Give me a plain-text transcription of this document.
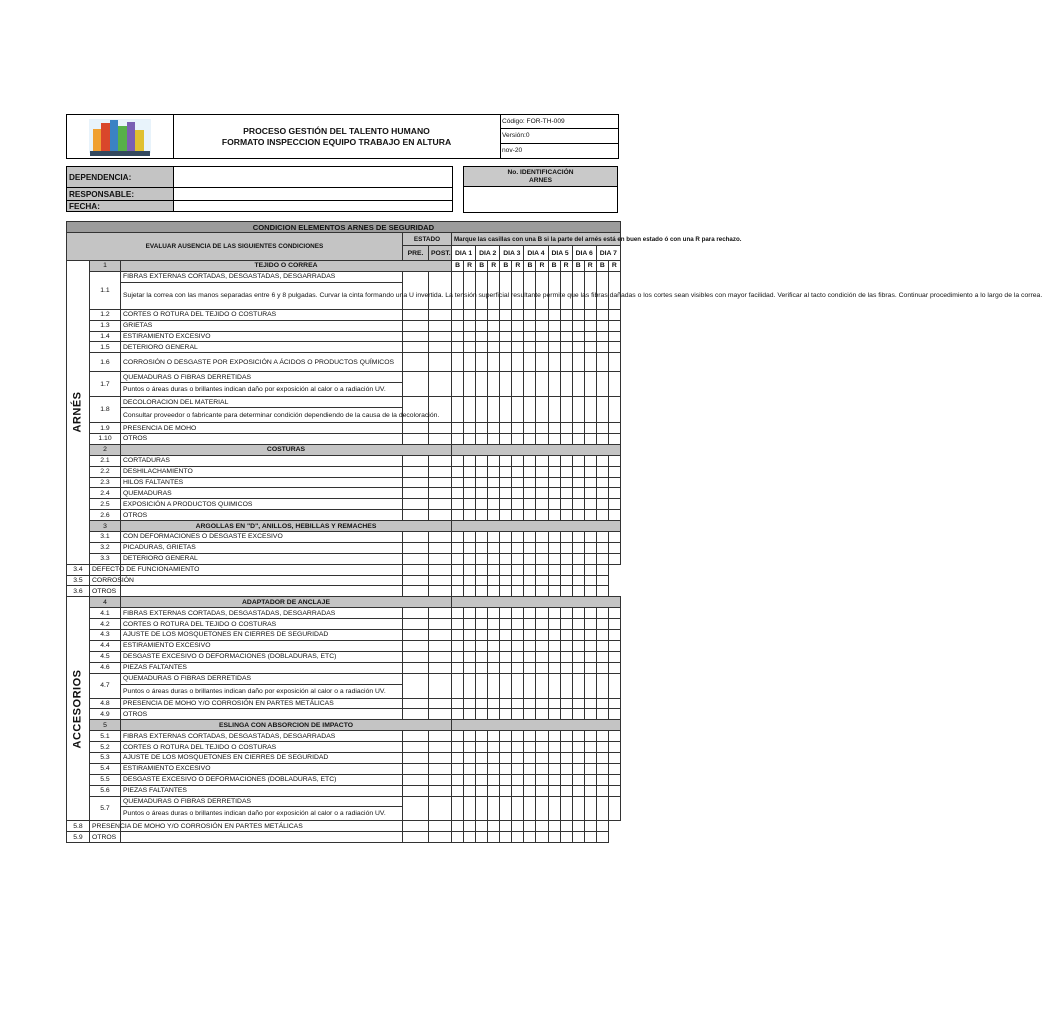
PROCESO GESTIÓN DEL TALENTO HUMANO
FORMATO INSPECCION EQUIPO TRABAJO EN ALTURA
Código: FOR-TH-009
Versión:0
nov-20
DEPENDENCIA:	
RESPONSABLE:	
FECHA:	
No. IDENTIFICACIÓN
ARNES
CONDICION ELEMENTOS ARNES DE SEGURIDAD																		
EVALUAR AUSENCIA DE LAS SIGUIENTES CONDICIONES			ESTADO		Marque las casillas con una B si la parte del arnés está en buen estado ó con una R para rechazo.													
			PRE.	POST.														
					DIA 1		DIA 2		DIA 3		DIA 4		DIA 5		DIA 6		DIA 7	

ARNÉS	1	TEJIDO O CORREA			B	R	B	R	B	R	B	R	B	R	B	R	B	R
	1.1	FIBRAS EXTERNAS CORTADAS, DESGASTADAS, DESGARRADAS																
		Sujetar la correa con las manos separadas entre 6 y 8 pulgadas. Curvar la cinta formando una U invertida. La tensión superficial resultante permite que las fibras dañadas o los cortes sean visibles con mayor facilidad. Verificar al tacto condición de las fibras. Continuar procedimiento a lo largo de la correa.																
	1.2	CORTES O ROTURA DEL TEJIDO O COSTURAS																
	1.3	GRIETAS																
	1.4	ESTIRAMIENTO EXCESIVO																
	1.5	DETERIORO GENERAL																
	1.6	CORROSIÓN O DESGASTE POR EXPOSICIÓN A ÁCIDOS O PRODUCTOS QUÍMICOS																
	1.7	QUEMADURAS O FIBRAS DERRETIDAS																
		Puntos o áreas duras o brillantes indican daño por exposición al calor o a radiación UV.																
	1.8	DECOLORACION DEL MATERIAL																
		Consultar proveedor o fabricante para determinar condición dependiendo de la causa de la decoloración.																
	1.9	PRESENCIA DE MOHO																
	1.10	OTROS																
	2	COSTURAS																
	2.1	CORTADURAS																
	2.2	DESHILACHAMIENTO																
	2.3	HILOS FALTANTES																
	2.4	QUEMADURAS																
	2.5	EXPOSICIÓN A PRODUCTOS QUIMICOS																
	2.6	OTROS																
	3	ARGOLLAS EN "D", ANILLOS, HEBILLAS Y REMACHES																
	3.1	CON DEFORMACIONES O DESGASTE EXCESIVO																
	3.2	PICADURAS, GRIETAS																
	3.3	DETERIORO GENERAL																
3.4	DEFECTO DE FUNCIONAMIENTO																	
3.5	CORROSIÓN																	
3.6	OTROS																	

ACCESORIOS	4	ADAPTADOR DE ANCLAJE																
	4.1	FIBRAS EXTERNAS CORTADAS, DESGASTADAS, DESGARRADAS																
	4.2	CORTES O ROTURA DEL TEJIDO O COSTURAS																
	4.3	AJUSTE DE LOS MOSQUETONES EN CIERRES DE SEGURIDAD																
	4.4	ESTIRAMIENTO EXCESIVO																
	4.5	DESGASTE EXCESIVO O DEFORMACIONES (DOBLADURAS, ETC)																
	4.6	PIEZAS FALTANTES																
	4.7	QUEMADURAS O FIBRAS DERRETIDAS																
		Puntos o áreas duras o brillantes indican daño por exposición al calor o a radiación UV.																
	4.8	PRESENCIA DE MOHO Y/O CORROSIÓN EN PARTES METÁLICAS																
	4.9	OTROS																
	5	ESLINGA CON ABSORCION DE IMPACTO																
	5.1	FIBRAS EXTERNAS CORTADAS, DESGASTADAS, DESGARRADAS																
	5.2	CORTES O ROTURA DEL TEJIDO O COSTURAS																
	5.3	AJUSTE DE LOS MOSQUETONES EN CIERRES DE SEGURIDAD																
	5.4	ESTIRAMIENTO EXCESIVO																
	5.5	DESGASTE EXCESIVO O DEFORMACIONES (DOBLADURAS, ETC)																
	5.6	PIEZAS FALTANTES																
	5.7	QUEMADURAS O FIBRAS DERRETIDAS																
		Puntos o áreas duras o brillantes indican daño por exposición al calor o a radiación UV.																
5.8	PRESENCIA DE MOHO Y/O CORROSIÓN EN PARTES METÁLICAS																	
5.9	OTROS																	
